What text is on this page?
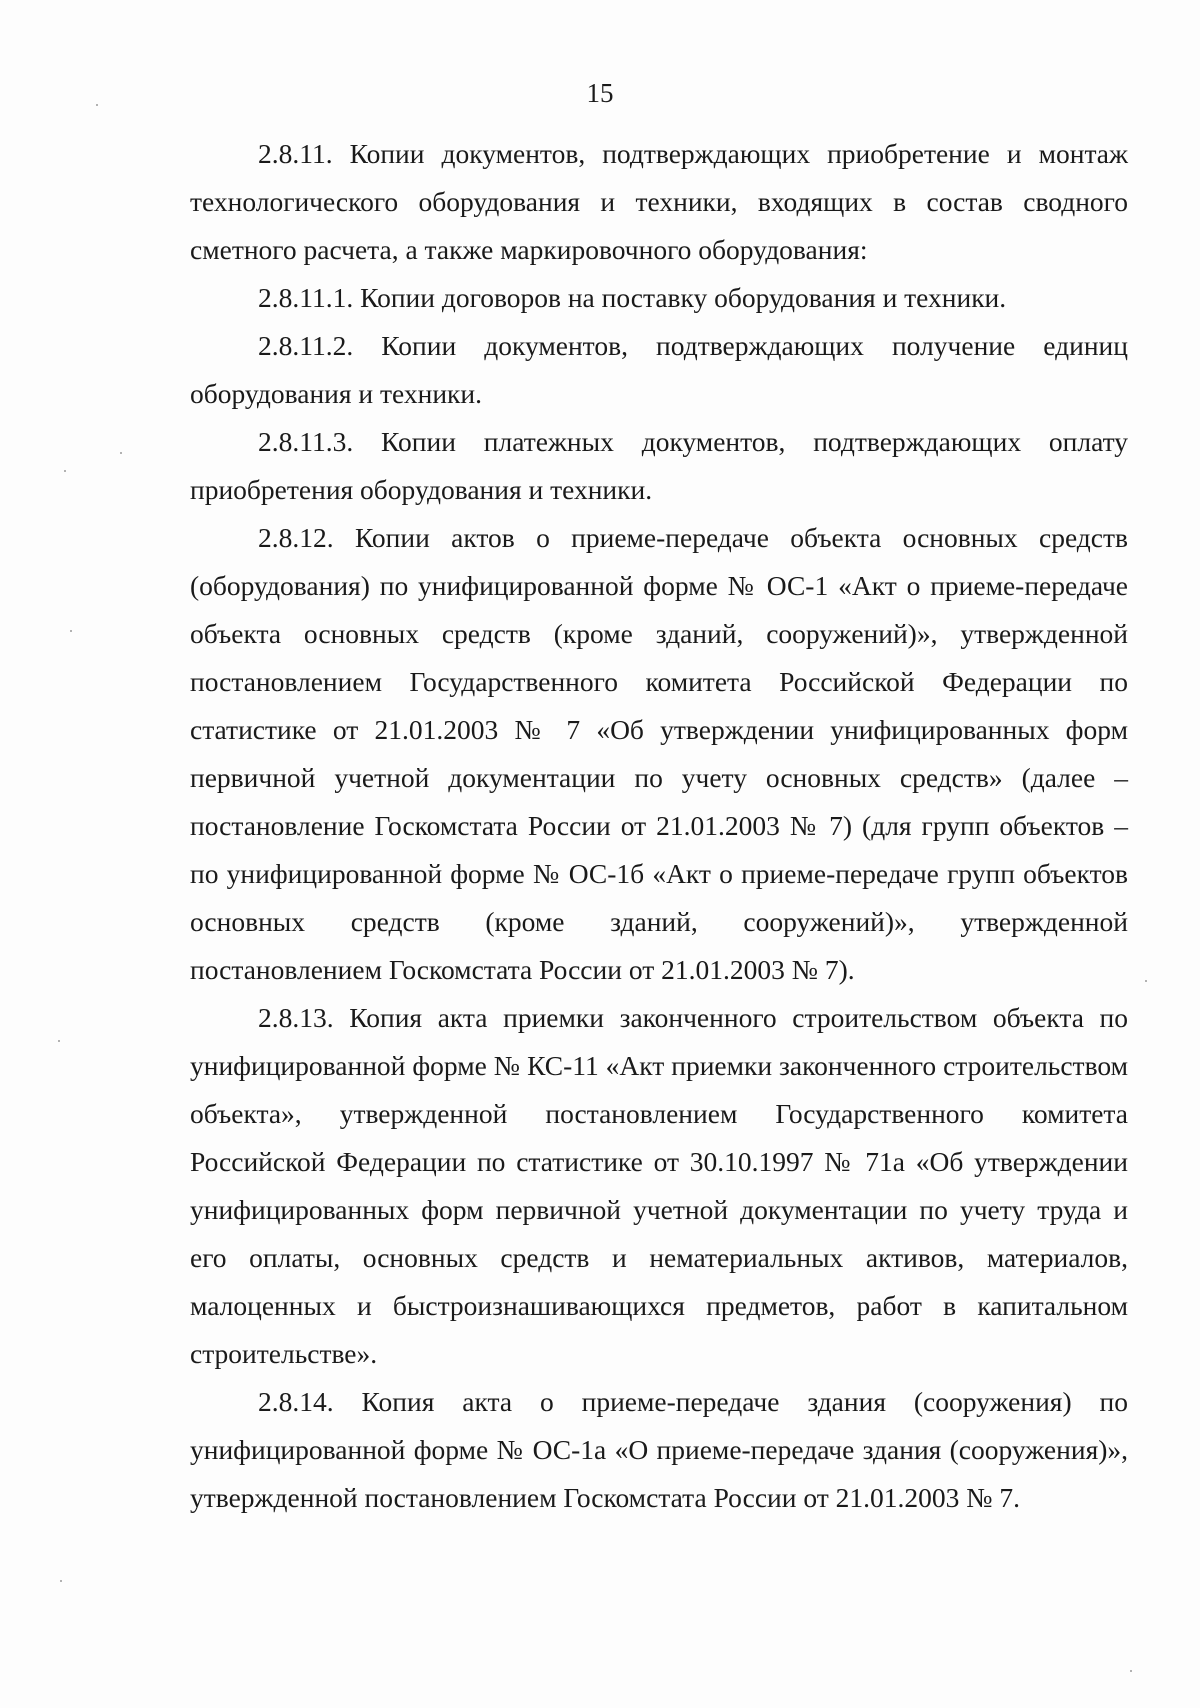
15

2.8.11. Копии документов, подтверждающих приобретение и монтаж технологического оборудования и техники, входящих в состав сводного сметного расчета, а также маркировочного оборудования:

2.8.11.1. Копии договоров на поставку оборудования и техники.

2.8.11.2. Копии документов, подтверждающих получение единиц оборудования и техники.

2.8.11.3. Копии платежных документов, подтверждающих оплату приобретения оборудования и техники.

2.8.12. Копии актов о приеме-передаче объекта основных средств (оборудования) по унифицированной форме № ОС-1 «Акт о приеме-передаче объекта основных средств (кроме зданий, сооружений)», утвержденной постановлением Государственного комитета Российской Федерации по статистике от 21.01.2003 № 7 «Об утверждении унифицированных форм первичной учетной документации по учету основных средств» (далее – постановление Госкомстата России от 21.01.2003 № 7) (для групп объектов – по унифицированной форме № ОС-1б «Акт о приеме-передаче групп объектов основных средств (кроме зданий, сооружений)», утвержденной постановлением Госкомстата России от 21.01.2003 № 7).

2.8.13. Копия акта приемки законченного строительством объекта по унифицированной форме № КС-11 «Акт приемки законченного строительством объекта», утвержденной постановлением Государственного комитета Российской Федерации по статистике от 30.10.1997 № 71а «Об утверждении унифицированных форм первичной учетной документации по учету труда и его оплаты, основных средств и нематериальных активов, материалов, малоценных и быстроизнашивающихся предметов, работ в капитальном строительстве».

2.8.14. Копия акта о приеме-передаче здания (сооружения) по унифицированной форме № ОС-1а «О приеме-передаче здания (сооружения)», утвержденной постановлением Госкомстата России от 21.01.2003 № 7.
